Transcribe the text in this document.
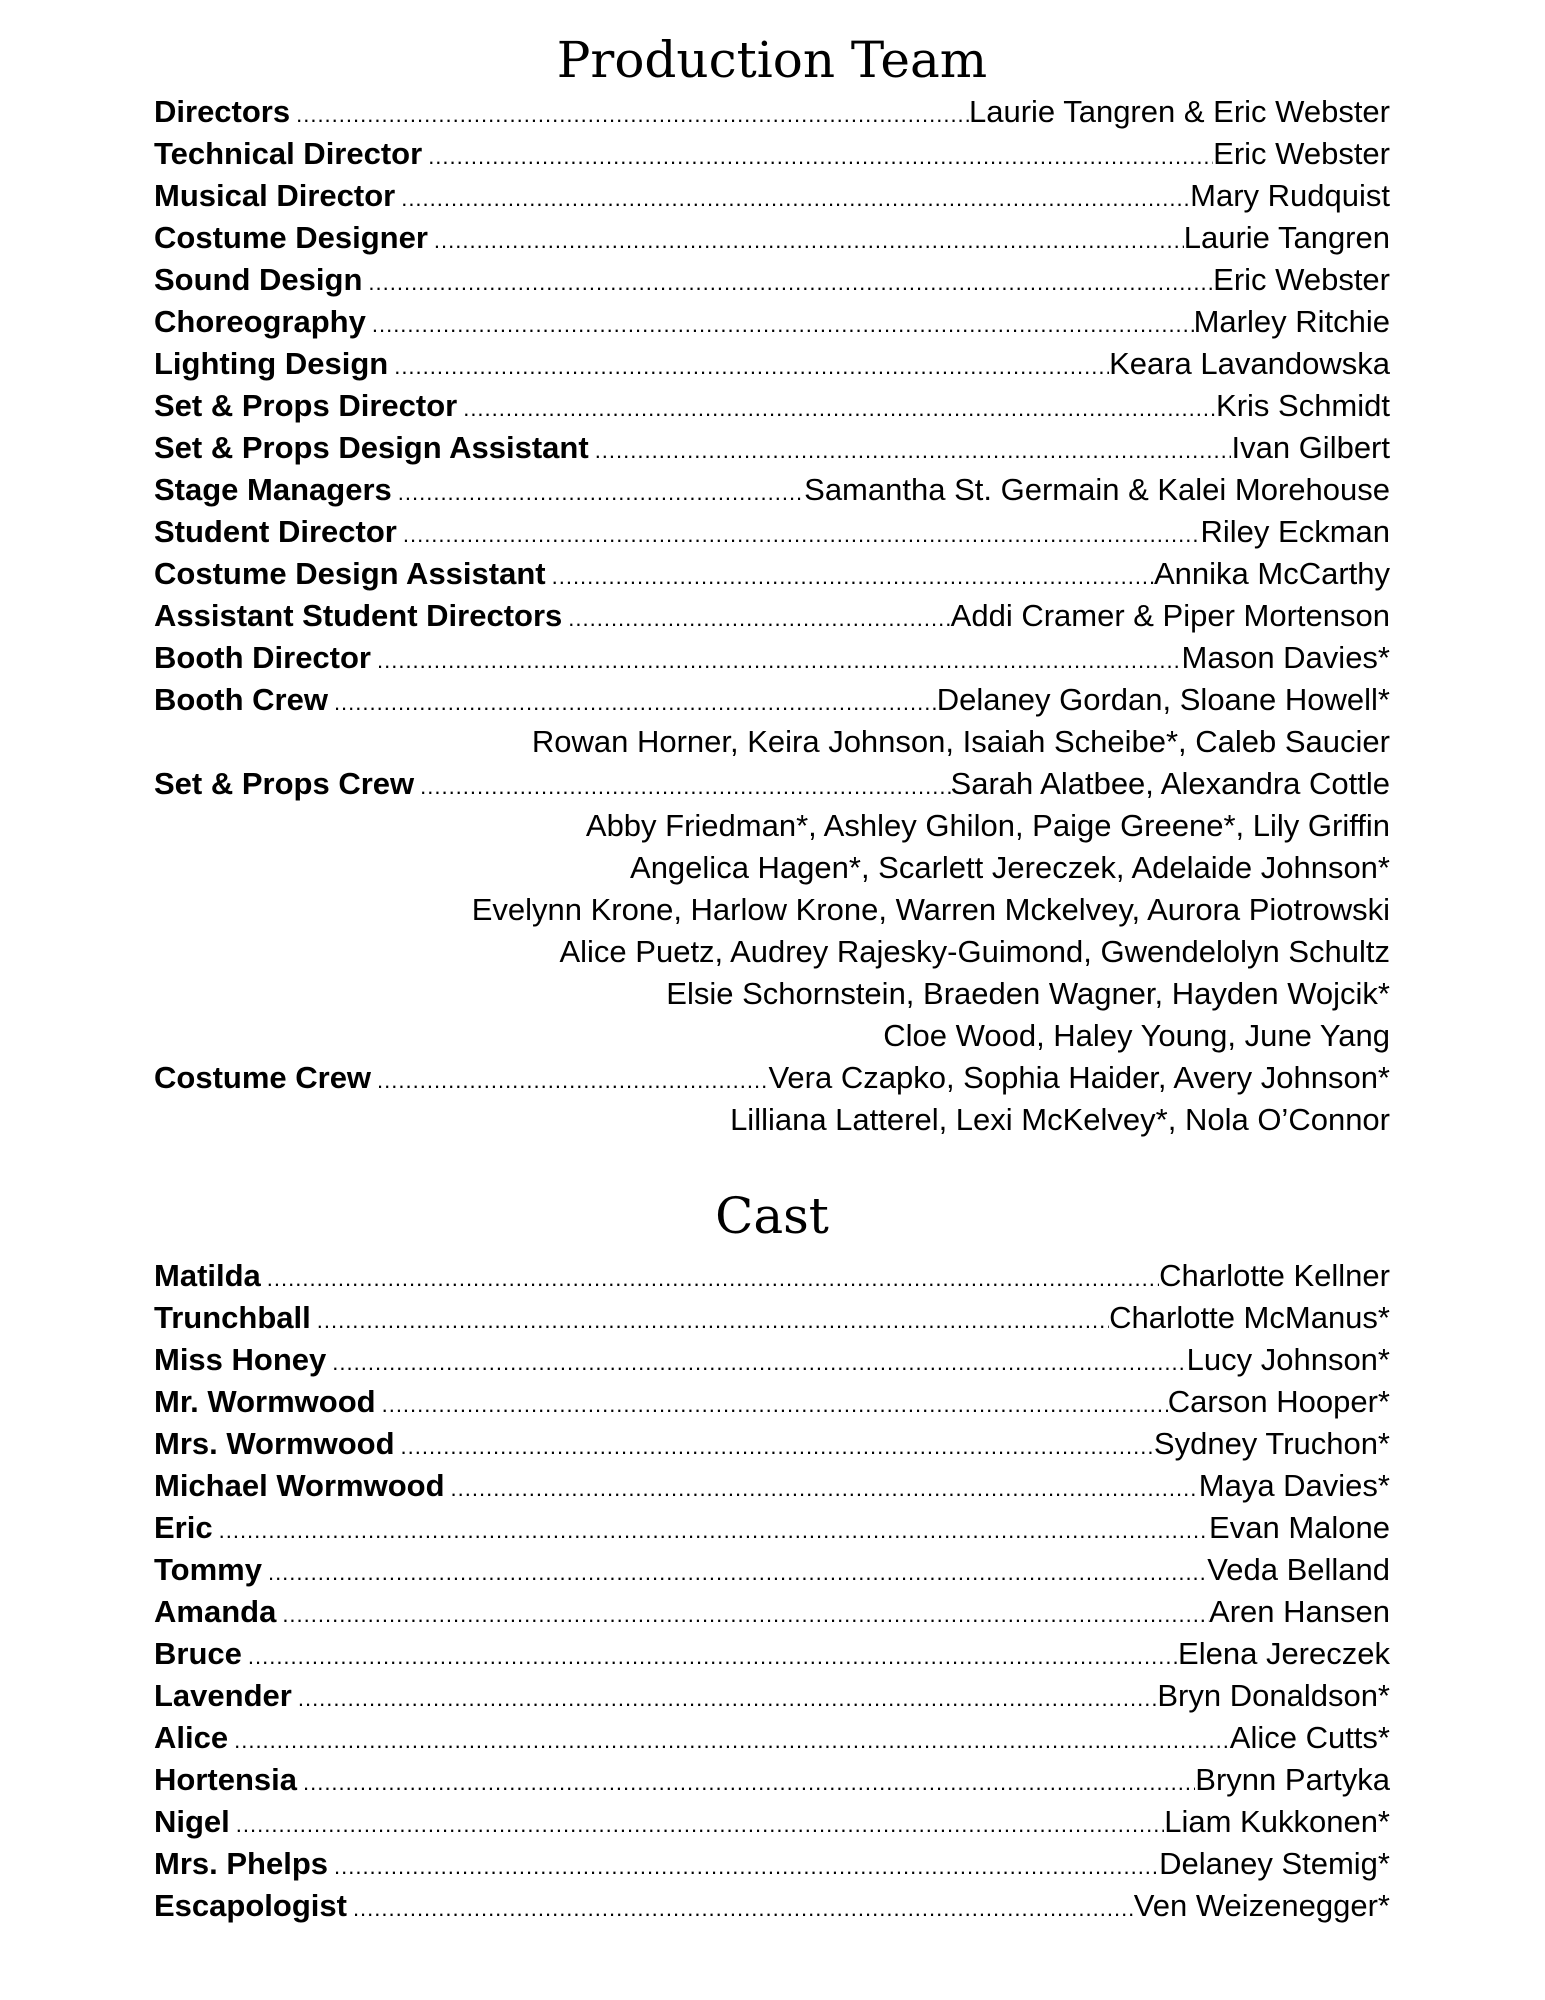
Production Team
Directors .....	Laurie Tangren & Eric Webster
Technical Director .....	Eric Webster
Musical Director .....	Mary Rudquist
Costume Designer .....	Laurie Tangren
Sound Design .....	Eric Webster
Choreography .....	Marley Ritchie
Lighting Design .....	Keara Lavandowska
Set & Props Director .....	Kris Schmidt
Set & Props Design Assistant .....	Ivan Gilbert
Stage Managers .....	Samantha St. Germain & Kalei Morehouse
Student Director .....	Riley Eckman
Costume Design Assistant .....	Annika McCarthy
Assistant Student Directors .....	Addi Cramer & Piper Mortenson
Booth Director .....	Mason Davies*
Booth Crew .....	Delaney Gordan, Sloane Howell*
Rowan Horner, Keira Johnson, Isaiah Scheibe*, Caleb Saucier
Set & Props Crew .....	Sarah Alatbee, Alexandra Cottle
Abby Friedman*, Ashley Ghilon, Paige Greene*, Lily Griffin
Angelica Hagen*, Scarlett Jereczek, Adelaide Johnson*
Evelynn Krone, Harlow Krone, Warren Mckelvey, Aurora Piotrowski
Alice Puetz, Audrey Rajesky-Guimond, Gwendelolyn Schultz
Elsie Schornstein, Braeden Wagner, Hayden Wojcik*
Cloe Wood, Haley Young, June Yang
Costume Crew .....	Vera Czapko, Sophia Haider, Avery Johnson*
Lilliana Latterel, Lexi McKelvey*, Nola O’Connor
Cast
Matilda .....	Charlotte Kellner
Trunchball .....	Charlotte McManus*
Miss Honey .....	Lucy Johnson*
Mr. Wormwood .....	Carson Hooper*
Mrs. Wormwood .....	Sydney Truchon*
Michael Wormwood .....	Maya Davies*
Eric .....	Evan Malone
Tommy .....	Veda Belland
Amanda .....	Aren Hansen
Bruce .....	Elena Jereczek
Lavender .....	Bryn Donaldson*
Alice .....	Alice Cutts*
Hortensia .....	Brynn Partyka
Nigel .....	Liam Kukkonen*
Mrs. Phelps .....	Delaney Stemig*
Escapologist .....	Ven Weizenegger*
